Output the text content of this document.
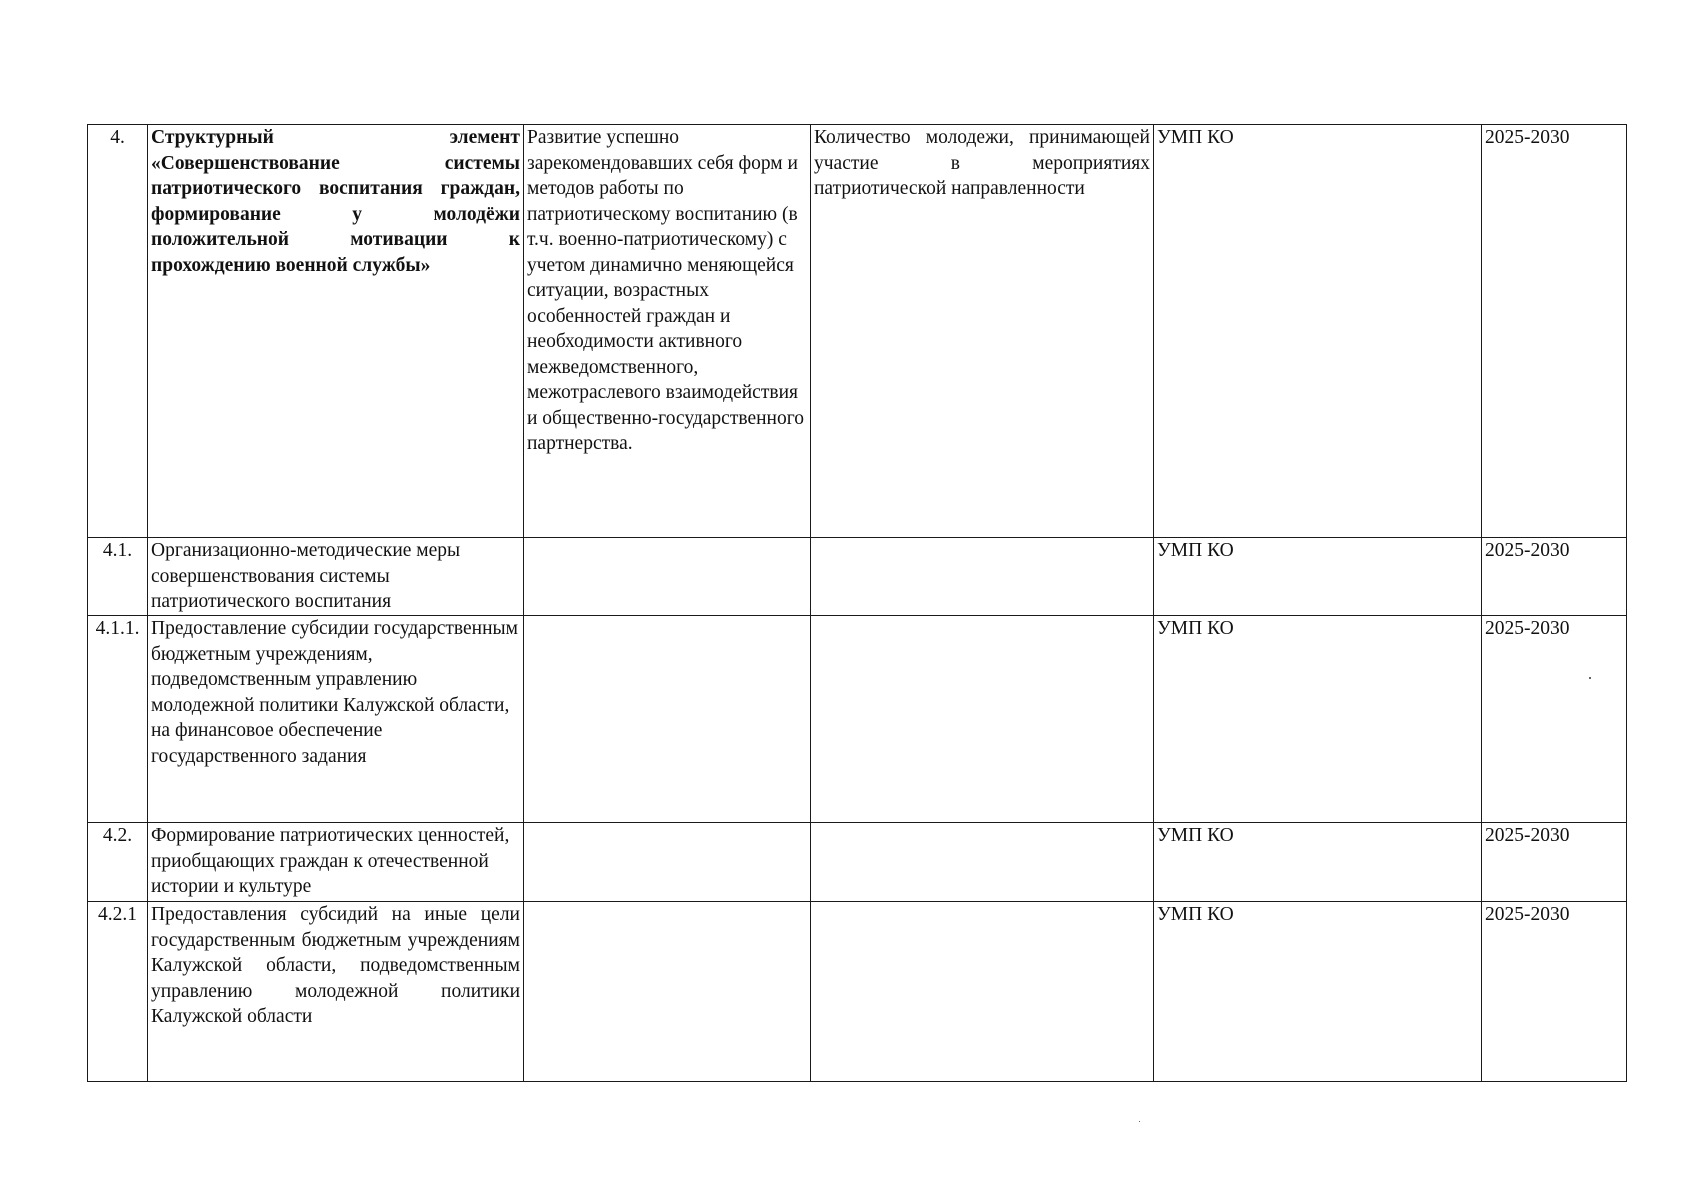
4.	Структурный элемент «Совершенствование системы патриотического воспитания граждан, формирование у молодёжи положительной мотивации к прохождению военной службы»	Развитие успешно зарекомендовавших себя форм и методов работы по патриотическому воспитанию (в т.ч. военно-патриотическому) с учетом динамично меняющейся ситуации, возрастных особенностей граждан и необходимости активного межведомственного, межотраслевого взаимодействия и общественно-государственного партнерства.	Количество молодежи, принимающей участие в мероприятиях патриотической направленности	УМП КО	2025-2030
4.1.	Организационно-методические меры совершенствования системы патриотического воспитания			УМП КО	2025-2030
4.1.1.	Предоставление субсидии государственным бюджетным учреждениям, подведомственным управлению молодежной политики Калужской области, на финансовое обеспечение государственного задания			УМП КО	2025-2030
4.2.	Формирование патриотических ценностей, приобщающих граждан к отечественной истории и культуре			УМП КО	2025-2030
4.2.1	Предоставления субсидий на иные цели государственным бюджетным учреждениям Калужской области, подведомственным управлению молодежной политики Калужской области			УМП КО	2025-2030
